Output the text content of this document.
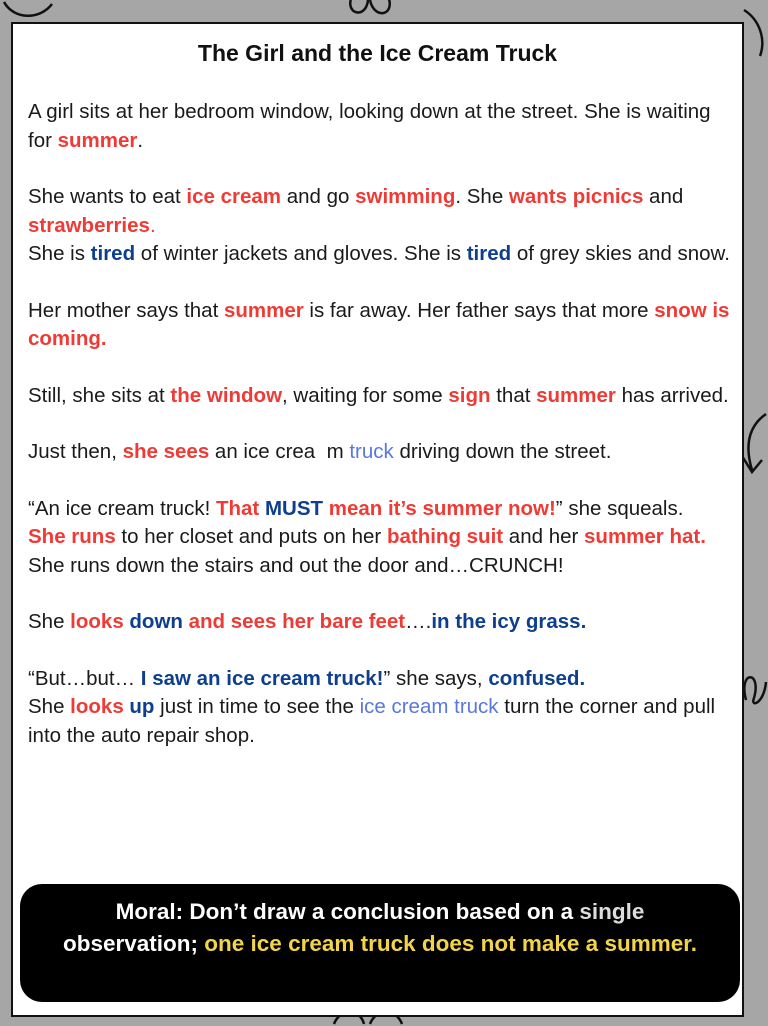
The Girl and the Ice Cream Truck

A girl sits at her bedroom window, looking down at the street. She is waiting for summer.

She wants to eat ice cream and go swimming. She wants picnics and strawberries.
She is tired of winter jackets and gloves. She is tired of grey skies and snow.

Her mother says that summer is far away. Her father says that more snow is coming.

Still, she sits at the window, waiting for some sign that summer has arrived.

Just then, she sees an ice crea  m truck driving down the street.

“An ice cream truck! That MUST mean it’s summer now!” she squeals.
She runs to her closet and puts on her bathing suit and her summer hat.
She runs down the stairs and out the door and…CRUNCH!

She looks down and sees her bare feet….in the icy grass.

“But…but… I saw an ice cream truck!” she says, confused.
She looks up just in time to see the ice cream truck turn the corner and pull into the auto repair shop.

Moral: Don’t draw a conclusion based on a single observation; one ice cream truck does not make a summer.
